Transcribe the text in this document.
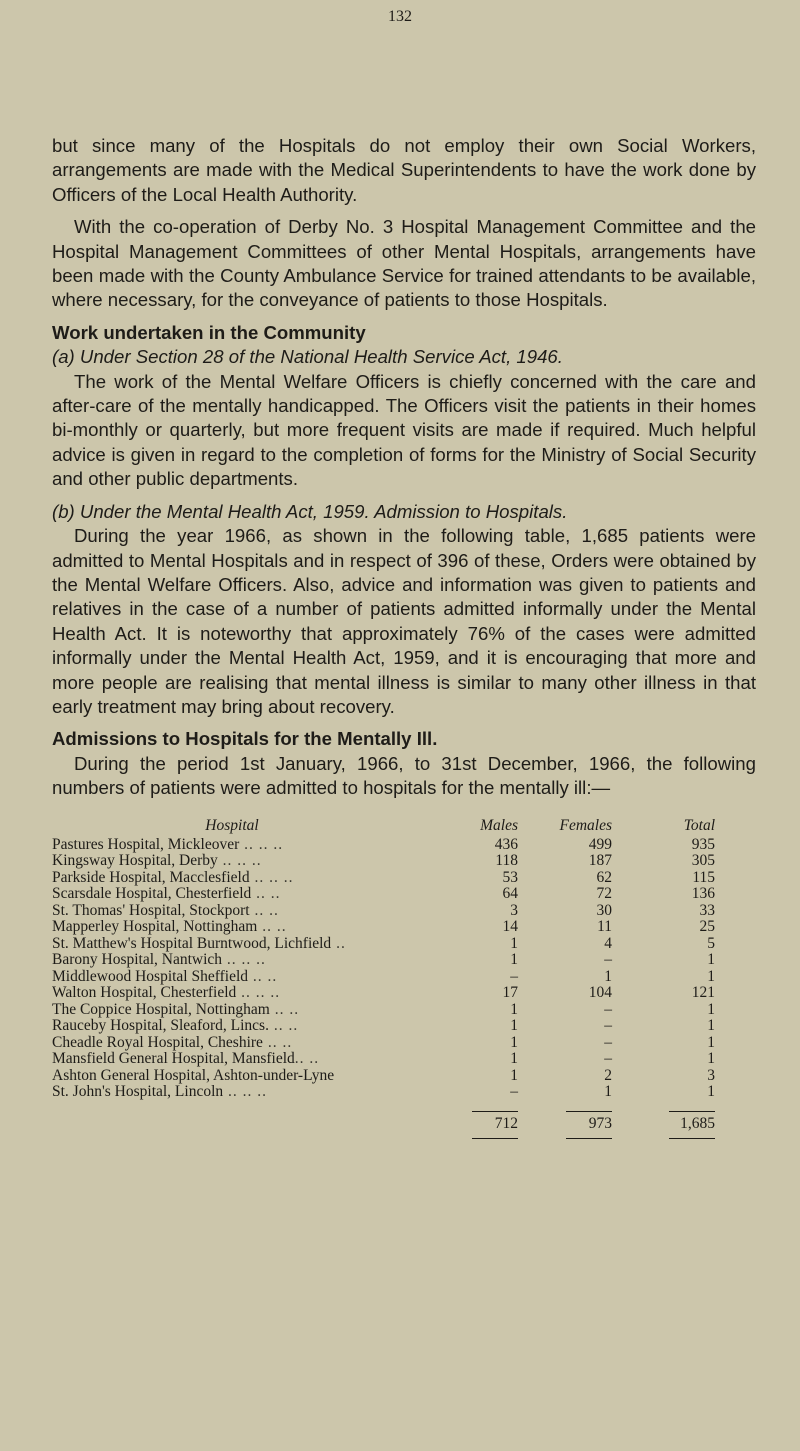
132

but since many of the Hospitals do not employ their own Social Workers, arrangements are made with the Medical Superintendents to have the work done by Officers of the Local Health Authority.

With the co-operation of Derby No. 3 Hospital Management Committee and the Hospital Management Committees of other Mental Hospitals, arrangements have been made with the County Ambulance Service for trained attendants to be available, where necessary, for the conveyance of patients to those Hospitals.

Work undertaken in the Community

(a) Under Section 28 of the National Health Service Act, 1946.

The work of the Mental Welfare Officers is chiefly concerned with the care and after-care of the mentally handicapped. The Officers visit the patients in their homes bi-monthly or quarterly, but more frequent visits are made if required. Much helpful advice is given in regard to the completion of forms for the Ministry of Social Security and other public departments.

(b) Under the Mental Health Act, 1959. Admission to Hospitals.

During the year 1966, as shown in the following table, 1,685 patients were admitted to Mental Hospitals and in respect of 396 of these, Orders were obtained by the Mental Welfare Officers. Also, advice and information was given to patients and relatives in the case of a number of patients admitted informally under the Mental Health Act. It is noteworthy that approximately 76% of the cases were admitted informally under the Mental Health Act, 1959, and it is encouraging that more and more people are realising that mental illness is similar to many other illness in that early treatment may bring about recovery.

Admissions to Hospitals for the Mentally Ill.

During the period 1st January, 1966, to 31st December, 1966, the following numbers of patients were admitted to hospitals for the mentally ill:—

Hospital	Males	Females	Total
Pastures Hospital, Mickleover .. .. ..	436	499	935
Kingsway Hospital, Derby .. .. ..	118	187	305
Parkside Hospital, Macclesfield .. .. ..	53	62	115
Scarsdale Hospital, Chesterfield .. ..	64	72	136
St. Thomas' Hospital, Stockport .. ..	3	30	33
Mapperley Hospital, Nottingham .. ..	14	11	25
St. Matthew's Hospital Burntwood, Lichfield ..	1	4	5
Barony Hospital, Nantwich .. .. ..	1	–	1
Middlewood Hospital Sheffield .. ..	–	1	1
Walton Hospital, Chesterfield .. .. ..	17	104	121
The Coppice Hospital, Nottingham .. ..	1	–	1
Rauceby Hospital, Sleaford, Lincs. .. ..	1	–	1
Cheadle Royal Hospital, Cheshire .. ..	1	–	1
Mansfield General Hospital, Mansfield.. ..	1	–	1
Ashton General Hospital, Ashton-under-Lyne	1	2	3
St. John's Hospital, Lincoln .. .. ..	–	1	1
	712	973	1,685
